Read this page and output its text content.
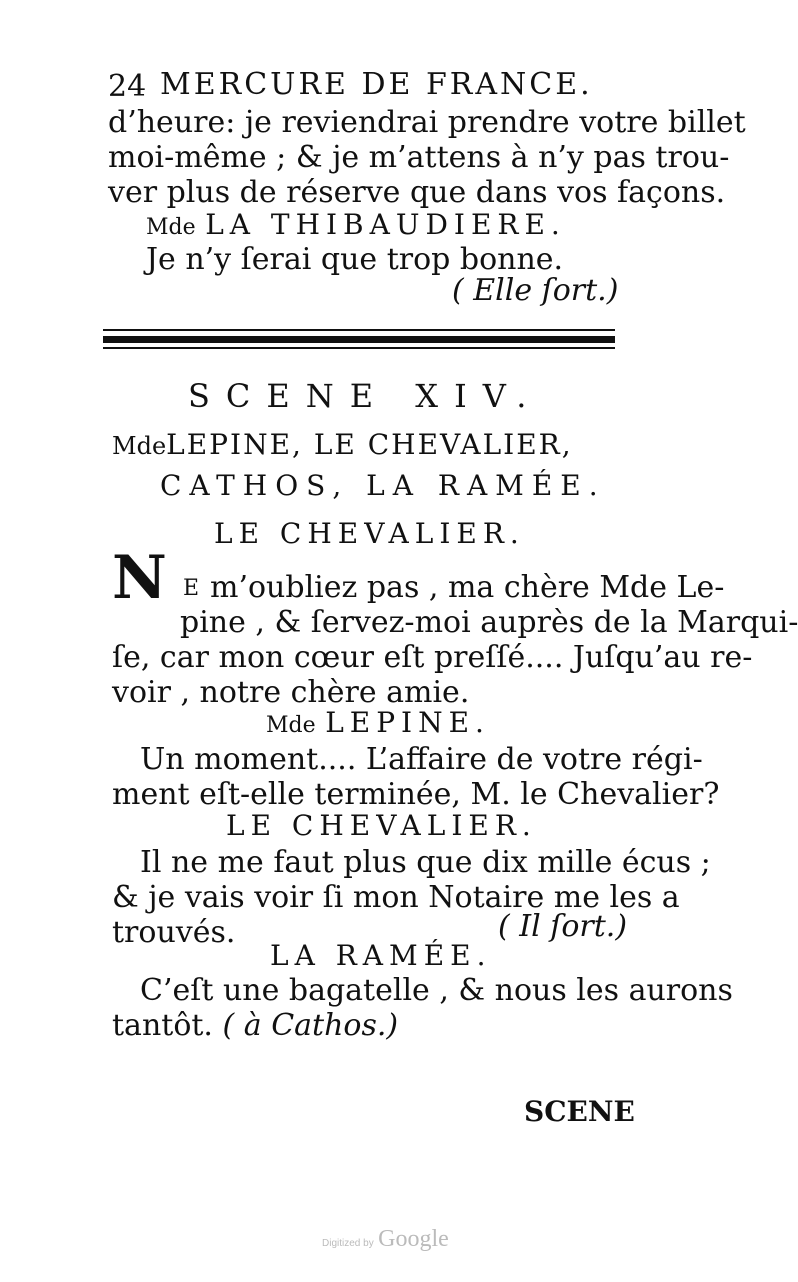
24 MERCURE DE FRANCE.
d’heure: je reviendrai prendre votre billet
moi-même ; & je m’attens à n’y pas trou-
ver plus de réserve que dans vos façons.
Mde LA THIBAUDIERE.
Je n’y ſerai que trop bonne.
( Elle ſort.)
SCENE XIV.
MdeLEPINE, LE CHEVALIER,
CATHOS, LA RAMÉE.
LE CHEVALIER.
N E m’oubliez pas , ma chère Mde Le-
pine , & ſervez-moi auprès de la Marqui-
ſe, car mon cœur eſt preſſé.... Juſqu’au re-
voir , notre chère amie.
Mde LEPINE.
Un moment.... L’affaire de votre régi-
ment eſt-elle terminée, M. le Chevalier?
LE CHEVALIER.
Il ne me faut plus que dix mille écus ;
& je vais voir ſi mon Notaire me les a
trouvés.	( Il ſort.)
LA RAMÉE.
C’eſt une bagatelle , & nous les aurons
tantôt. ( à Cathos.)
SCENE
Digitized by Google
